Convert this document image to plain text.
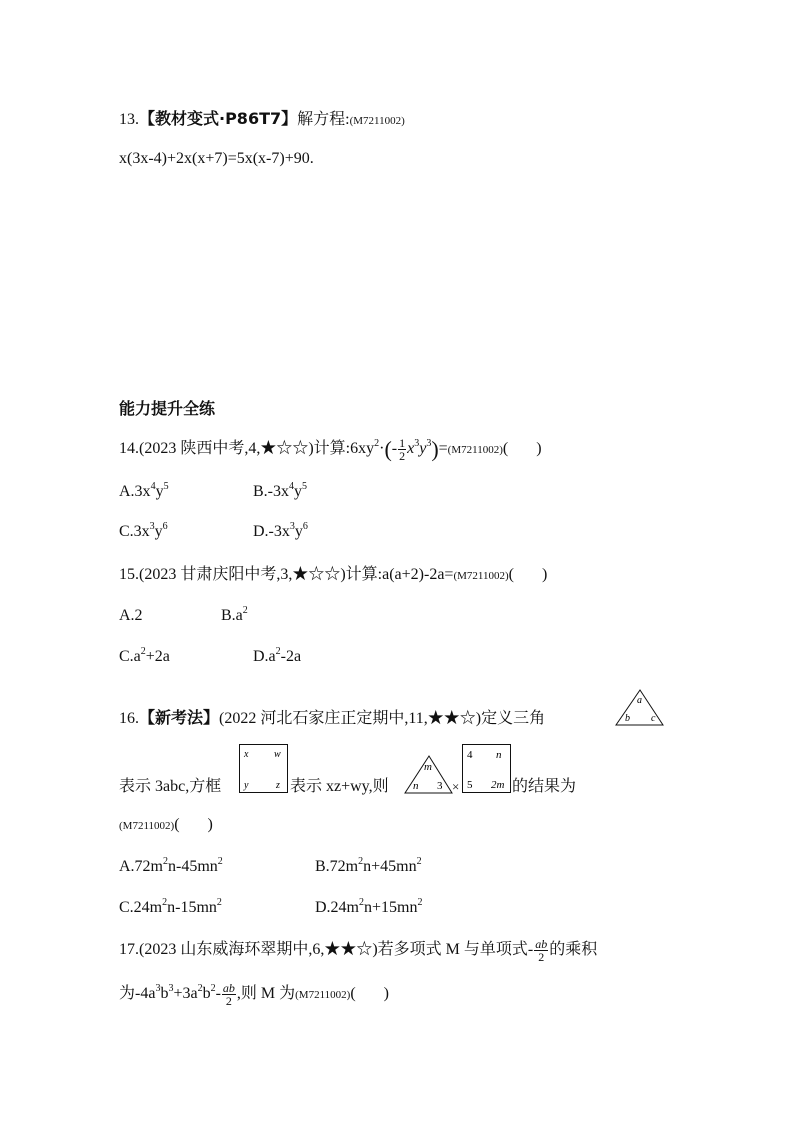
13.【教材变式·P86T7】解方程:(M7211002)
x(3x-4)+2x(x+7)=5x(x-7)+90.
能力提升全练
14.(2023 陕西中考,4,★☆☆)计算$:6xy^2\cdot(- \frac{1}{2} x^3y^3)=(M7211002)$( )
$A.3x^4y^5$	$B.-3x^4y^5$
$C.3x^3y^6$	$D.-3x^3y^6$
15.(2023 甘肃庆阳中考,3,★☆☆)计算:a(a+2)-2a=(M7211002)( )
A.2	$B.a^2$
$C.a^2+2a$	$D.a^2-2a$
16.【新考法】(2022 河北石家庄正定期中,11,★★☆)定义三角
a
b c
表示 3abc,方框
x	w
y	z 表示 xz+wy,则
m
n 3 ×
4 n
5 2m 的结果为
(M7211002)( )
$A.72m^2n-45mn^2$	$B.72m^2n+45mn^2$
$C.24m^2n-15mn^2$	$D.24m^2n+15mn^2$
17.(2023 山东威海环翠期中,6,★★☆)若多项式 M 与单项式- $\frac{ab}{2}$ 的乘积
为$-4a^3b^3+3a^2b^2- \frac{ab}{2}$ ,则 M 为(M7211002)( )
